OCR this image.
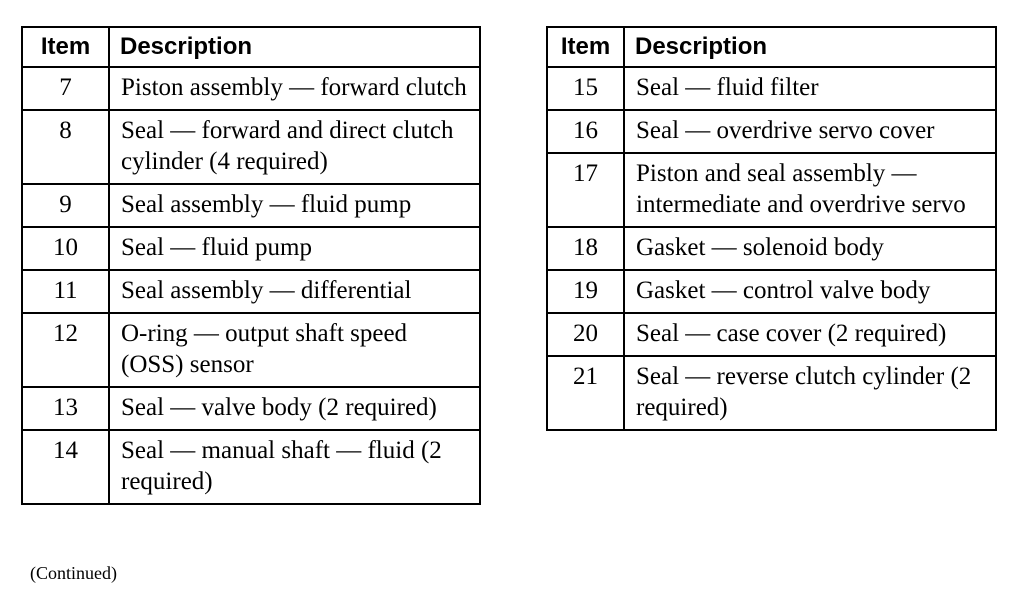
Item	Description
7	Piston assembly — forward clutch
8	Seal — forward and direct clutch cylinder (4 required)
9	Seal assembly — fluid pump
10	Seal — fluid pump
11	Seal assembly — differential
12	O-ring — output shaft speed (OSS) sensor
13	Seal — valve body (2 required)
14	Seal — manual shaft — fluid (2 required)
Item	Description
15	Seal — fluid filter
16	Seal — overdrive servo cover
17	Piston and seal assembly — intermediate and overdrive servo
18	Gasket — solenoid body
19	Gasket — control valve body
20	Seal — case cover (2 required)
21	Seal — reverse clutch cylinder (2 required)
(Continued)
